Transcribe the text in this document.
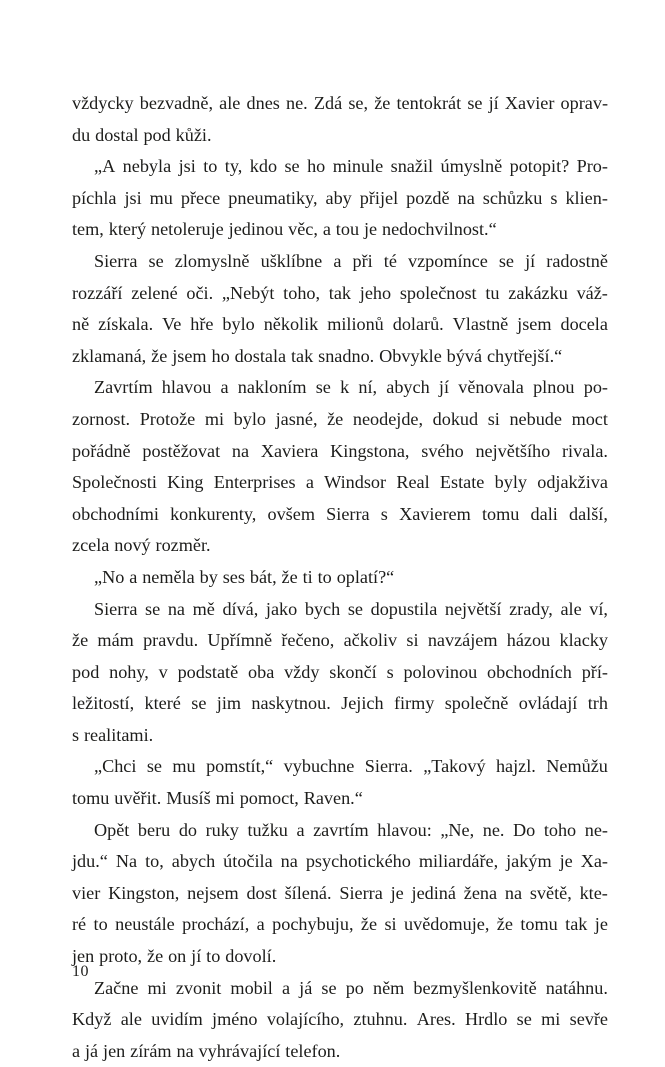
vždycky bezvadně, ale dnes ne. Zdá se, že tentokrát se jí Xavier oprav-
du dostal pod kůži.
„A nebyla jsi to ty, kdo se ho minule snažil úmyslně potopit? Pro-
píchla jsi mu přece pneumatiky, aby přijel pozdě na schůzku s klien-
tem, který netoleruje jedinou věc, a tou je nedochvilnost.“
Sierra se zlomyslně ušklíbne a při té vzpomínce se jí radostně
rozzáří zelené oči. „Nebýt toho, tak jeho společnost tu zakázku váž-
ně získala. Ve hře bylo několik milionů dolarů. Vlastně jsem docela
zklamaná, že jsem ho dostala tak snadno. Obvykle bývá chytřejší.“
Zavrtím hlavou a nakloním se k ní, abych jí věnovala plnou po-
zornost. Protože mi bylo jasné, že neodejde, dokud si nebude moct
pořádně postěžovat na Xaviera Kingstona, svého největšího rivala.
Společnosti King Enterprises a Windsor Real Estate byly odjakživa
obchodními konkurenty, ovšem Sierra s Xavierem tomu dali další,
zcela nový rozměr.
„No a neměla by ses bát, že ti to oplatí?“
Sierra se na mě dívá, jako bych se dopustila největší zrady, ale ví,
že mám pravdu. Upřímně řečeno, ačkoliv si navzájem házou klacky
pod nohy, v podstatě oba vždy skončí s polovinou obchodních pří-
ležitostí, které se jim naskytnou. Jejich firmy společně ovládají trh
s realitami.
„Chci se mu pomstít,“ vybuchne Sierra. „Takový hajzl. Nemůžu
tomu uvěřit. Musíš mi pomoct, Raven.“
Opět beru do ruky tužku a zavrtím hlavou: „Ne, ne. Do toho ne-
jdu.“ Na to, abych útočila na psychotického miliardáře, jakým je Xa-
vier Kingston, nejsem dost šílená. Sierra je jediná žena na světě, kte-
ré to neustále prochází, a pochybuju, že si uvědomuje, že tomu tak je
jen proto, že on jí to dovolí.
Začne mi zvonit mobil a já se po něm bezmyšlenkovitě natáhnu.
Když ale uvidím jméno volajícího, ztuhnu. Ares. Hrdlo se mi sevře
a já jen zírám na vyhrávající telefon.
10
